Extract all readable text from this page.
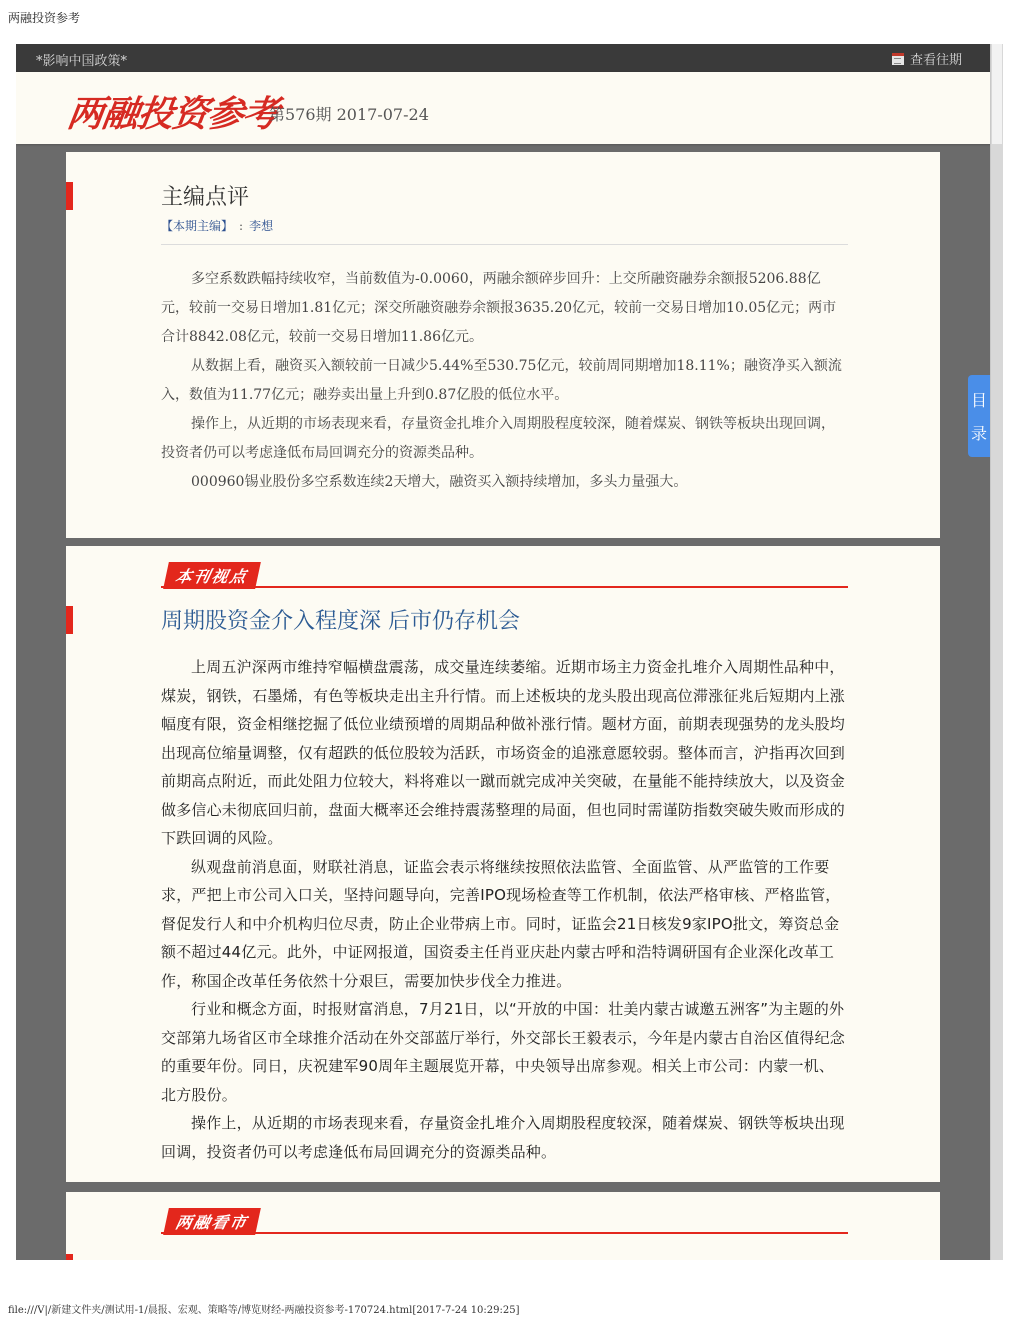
两融投资参考
*影响中国政策*	查看往期
两融投资参考
第576期 2017-07-24
主编点评
【本期主编】 : 李想

多空系数跌幅持续收窄，当前数值为-0.0060，两融余额碎步回升：上交所融资融券余额报5206.88亿元，较前一交易日增加1.81亿元；深交所融资融券余额报3635.20亿元，较前一交易日增加10.05亿元；两市合计8842.08亿元，较前一交易日增加11.86亿元。

从数据上看，融资买入额较前一日减少5.44%至530.75亿元，较前周同期增加18.11%；融资净买入额流入，数值为11.77亿元；融券卖出量上升到0.87亿股的低位水平。

操作上，从近期的市场表现来看，存量资金扎堆介入周期股程度较深，随着煤炭、钢铁等板块出现回调，投资者仍可以考虑逢低布局回调充分的资源类品种。

000960锡业股份多空系数连续2天增大，融资买入额持续增加，多头力量强大。

本刊视点
周期股资金介入程度深 后市仍存机会

上周五沪深两市维持窄幅横盘震荡，成交量连续萎缩。近期市场主力资金扎堆介入周期性品种中，煤炭，钢铁，石墨烯，有色等板块走出主升行情。而上述板块的龙头股出现高位滞涨征兆后短期内上涨幅度有限，资金相继挖掘了低位业绩预增的周期品种做补涨行情。题材方面，前期表现强势的龙头股均出现高位缩量调整，仅有超跌的低位股较为活跃，市场资金的追涨意愿较弱。整体而言，沪指再次回到前期高点附近，而此处阻力位较大，料将难以一蹴而就完成冲关突破，在量能不能持续放大，以及资金做多信心未彻底回归前，盘面大概率还会维持震荡整理的局面，但也同时需谨防指数突破失败而形成的下跌回调的风险。

纵观盘前消息面，财联社消息，证监会表示将继续按照依法监管、全面监管、从严监管的工作要求，严把上市公司入口关，坚持问题导向，完善IPO现场检查等工作机制，依法严格审核、严格监管，督促发行人和中介机构归位尽责，防止企业带病上市。同时，证监会21日核发9家IPO批文，筹资总金额不超过44亿元。此外，中证网报道，国资委主任肖亚庆赴内蒙古呼和浩特调研国有企业深化改革工作，称国企改革任务依然十分艰巨，需要加快步伐全力推进。

行业和概念方面，时报财富消息，7月21日，以“开放的中国：壮美内蒙古诚邀五洲客”为主题的外交部第九场省区市全球推介活动在外交部蓝厅举行，外交部长王毅表示，今年是内蒙古自治区值得纪念的重要年份。同日，庆祝建军90周年主题展览开幕，中央领导出席参观。相关上市公司：内蒙一机、北方股份。

操作上，从近期的市场表现来看，存量资金扎堆介入周期股程度较深，随着煤炭、钢铁等板块出现回调，投资者仍可以考虑逢低布局回调充分的资源类品种。

两融看市
目
录
file:///V|/新建文件夹/测试用-1/晨报、宏观、策略等/博览财经-两融投资参考-170724.html[2017-7-24 10:29:25]
